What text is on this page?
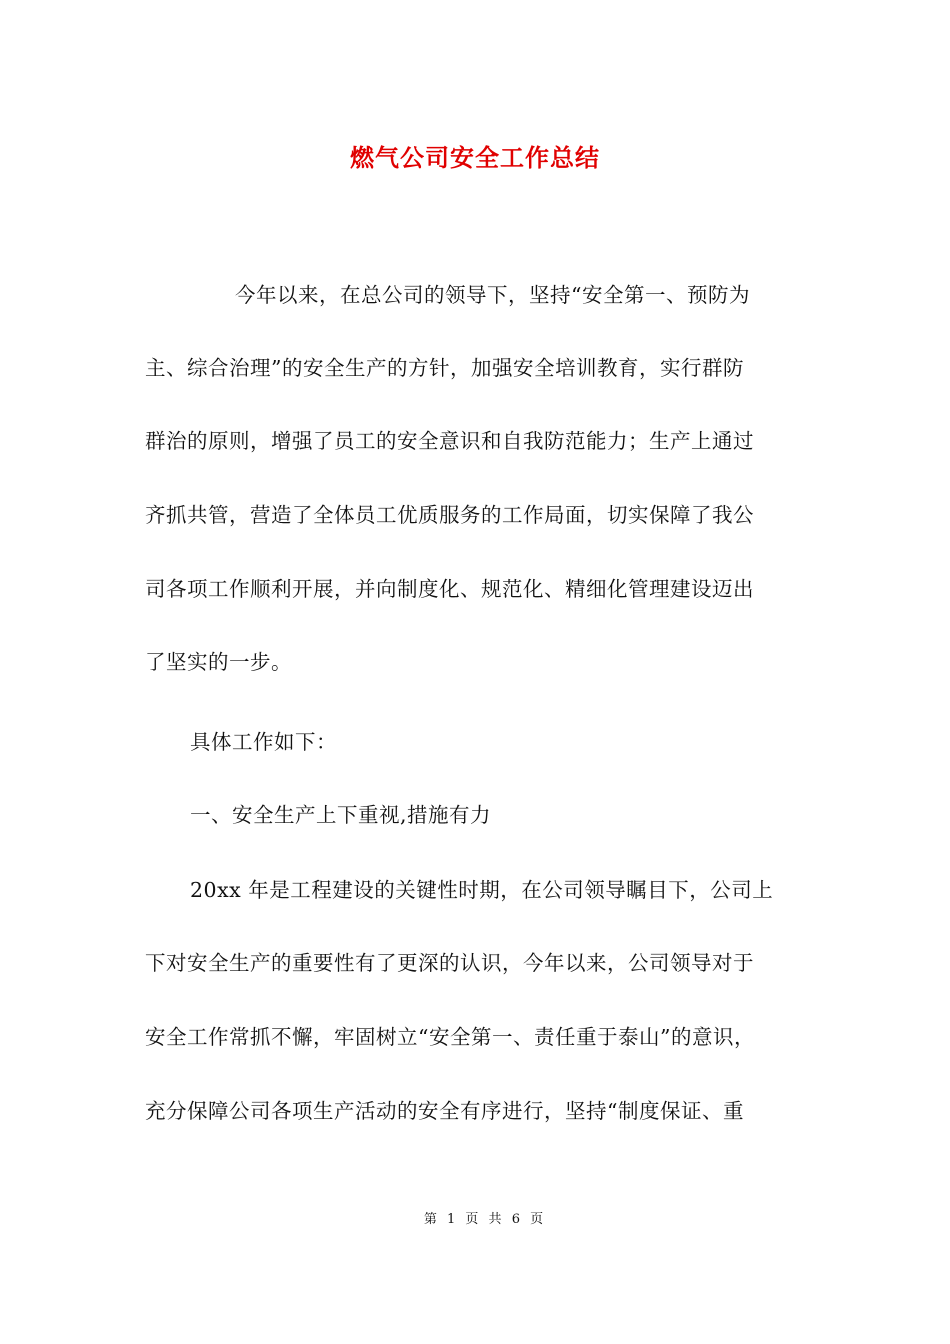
燃气公司安全工作总结
今年以来，在总公司的领导下，坚持“安全第一、预防为
主、综合治理”的安全生产的方针，加强安全培训教育，实行群防
群治的原则，增强了员工的安全意识和自我防范能力；生产上通过
齐抓共管，营造了全体员工优质服务的工作局面，切实保障了我公
司各项工作顺利开展，并向制度化、规范化、精细化管理建设迈出
了坚实的一步。
具体工作如下：
一、安全生产上下重视,措施有力
20xx 年是工程建设的关键性时期，在公司领导瞩目下，公司上
下对安全生产的重要性有了更深的认识，今年以来，公司领导对于
安全工作常抓不懈，牢固树立“安全第一、责任重于泰山”的意识，
充分保障公司各项生产活动的安全有序进行，坚持“制度保证、重
第 1 页 共 6 页
